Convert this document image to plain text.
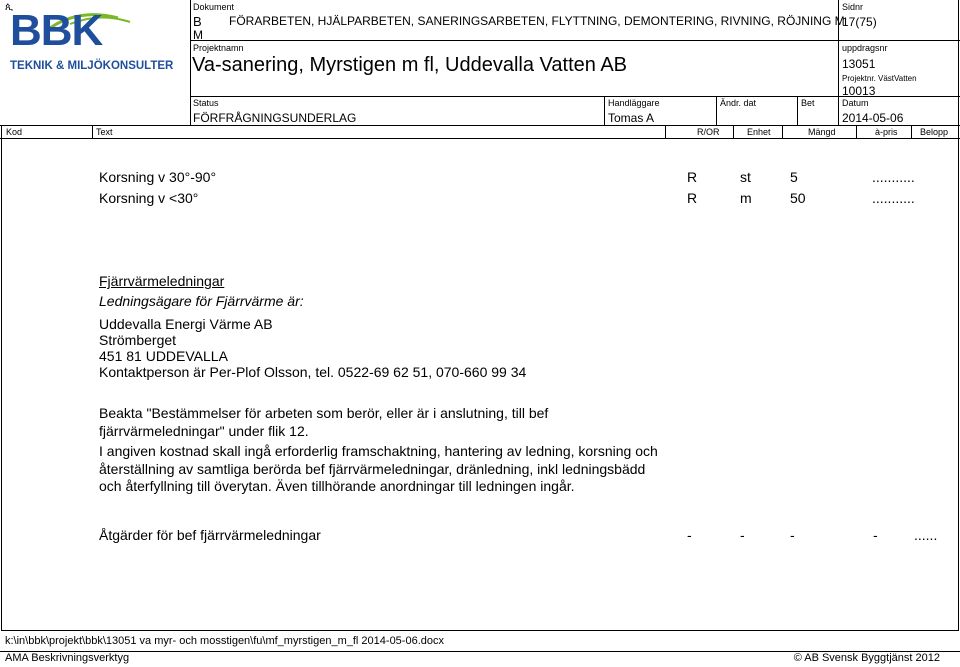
ጲ
BBK
TEKNIK & MILJÖKONSULTER
Dokument
B FÖRARBETEN, HJÄLPARBETEN, SANERINGSARBETEN, FLYTTNING, DEMONTERING, RIVNING, RÖJNING M
M
Sidnr
17(75)
Projektnamn
Va-sanering, Myrstigen m fl, Uddevalla Vatten AB
uppdragsnr
13051
Projektnr. VästVatten
10013
Status
FÖRFRÅGNINGSUNDERLAG
Handläggare
Tomas A
Ändr. dat	Bet	Datum
2014-05-06
Kod	Text	R/OR	Enhet	Mängd	à-pris Belopp
Korsning v 30°-90°	R	st	5	...........
Korsning v <30°	R	m	50	...........
Fjärrvärmeledningar
Ledningsägare för Fjärrvärme är:
Uddevalla Energi Värme AB
Strömberget
451 81 UDDEVALLA
Kontaktperson är Per-Plof Olsson, tel. 0522-69 62 51, 070-660 99 34
Beakta "Bestämmelser för arbeten som berör, eller är i anslutning, till bef fjärrvärmeledningar" under flik 12.
I angiven kostnad skall ingå erforderlig framschaktning, hantering av ledning, korsning och återställning av samtliga berörda bef fjärrvärmeledningar, dränledning, inkl ledningsbädd och återfyllning till överytan. Även tillhörande anordningar till ledningen ingår.
Åtgärder för bef fjärrvärmeledningar	-	-	-	-	......
k:\in\bbk\projekt\bbk\13051 va myr- och mosstigen\fu\mf_myrstigen_m_fl 2014-05-06.docx
AMA Beskrivningsverktyg	© AB Svensk Byggtjänst 2012
